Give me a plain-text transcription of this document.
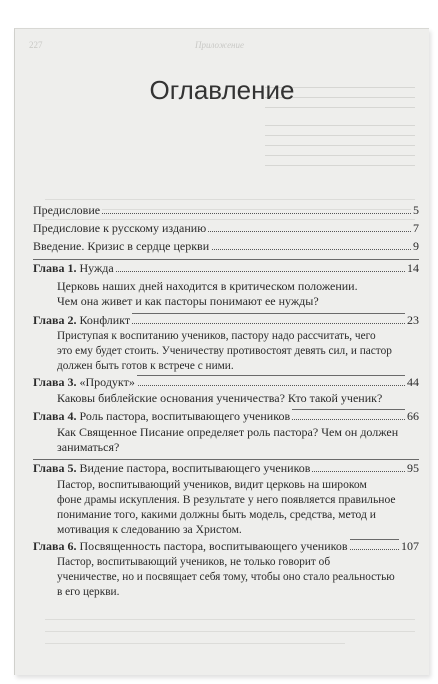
227	Приложение
Оглавление
Предисловие	5
Предисловие к русскому изданию	7
Введение. Кризис в сердце церкви	9
Глава 1. Нужда	14
Церковь наших дней находится в критическом положении.
Чем она живет и как пасторы понимают ее нужды?
Глава 2. Конфликт	23
Приступая к воспитанию учеников, пастору надо рассчитать, чего
это ему будет стоить. Ученичеству противостоят девять сил, и пастор
должен быть готов к встрече с ними.
Глава 3. «Продукт»	44
Каковы библейские основания ученичества? Кто такой ученик?
Глава 4. Роль пастора, воспитывающего учеников	66
Как Священное Писание определяет роль пастора? Чем он должен
заниматься?
Глава 5. Видение пастора, воспитывающего учеников	95
Пастор, воспитывающий учеников, видит церковь на широком
фоне драмы искупления. В результате у него появляется правильное
понимание того, какими должны быть модель, средства, метод и
мотивация к следованию за Христом.
Глава 6. Посвященность пастора, воспитывающего учеников	107
Пастор, воспитывающий учеников, не только говорит об
ученичестве, но и посвящает себя тому, чтобы оно стало реальностью
в его церкви.
